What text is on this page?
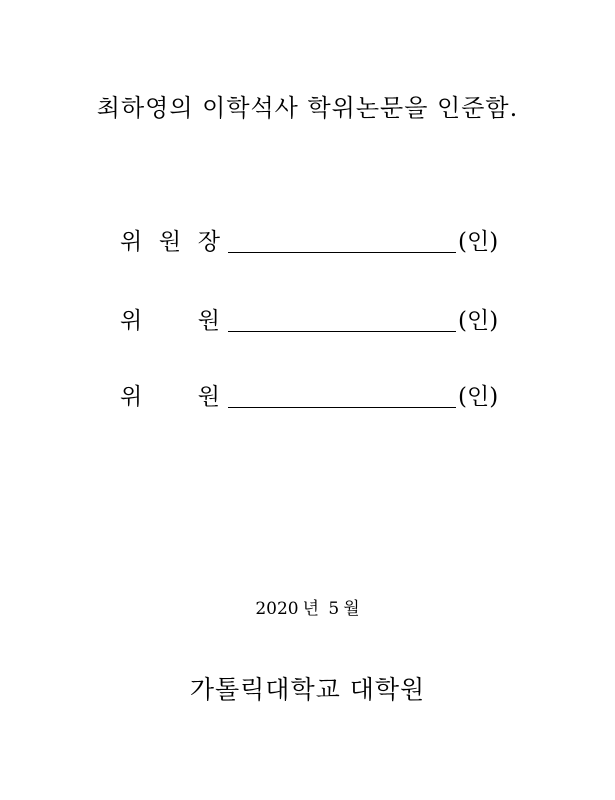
최하영의 이학석사 학위논문을 인준함.
위 원 장	(인)
위 원	(인)
위 원	(인)
2020 년 5 월
가톨릭대학교 대학원
